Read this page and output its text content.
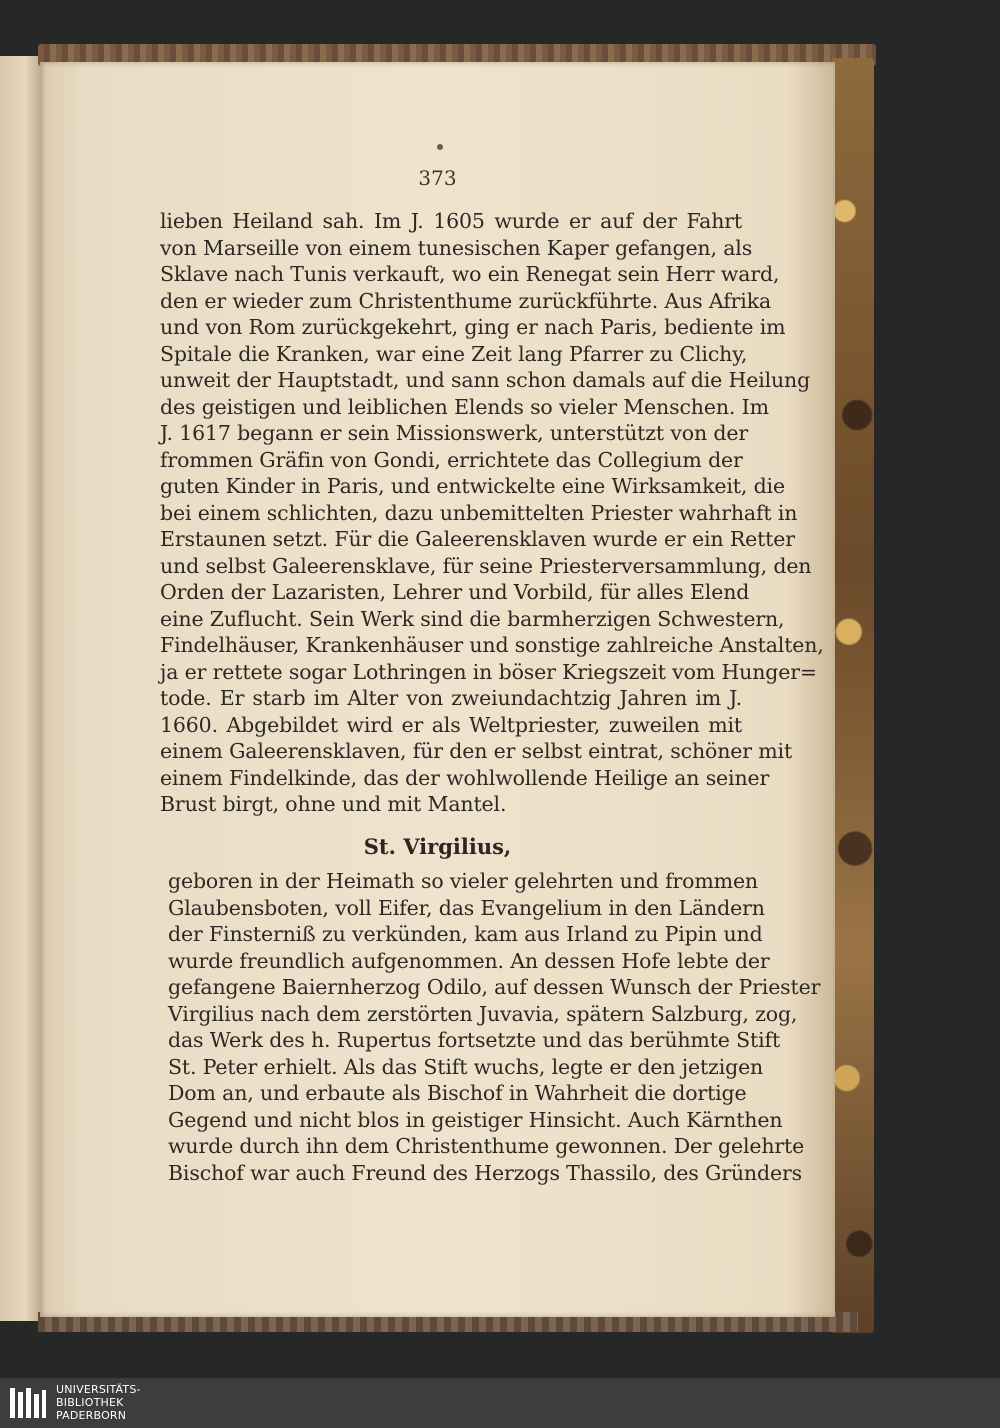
373
lieben Heiland sah. Im J. 1605 wurde er auf der Fahrt
von Marseille von einem tunesischen Kaper gefangen, als
Sklave nach Tunis verkauft, wo ein Renegat sein Herr ward,
den er wieder zum Christenthume zurückführte. Aus Afrika
und von Rom zurückgekehrt, ging er nach Paris, bediente im
Spitale die Kranken, war eine Zeit lang Pfarrer zu Clichy,
unweit der Hauptstadt, und sann schon damals auf die Heilung
des geistigen und leiblichen Elends so vieler Menschen. Im
J. 1617 begann er sein Missionswerk, unterstützt von der
frommen Gräfin von Gondi, errichtete das Collegium der
guten Kinder in Paris, und entwickelte eine Wirksamkeit, die
bei einem schlichten, dazu unbemittelten Priester wahrhaft in
Erstaunen setzt. Für die Galeerensklaven wurde er ein Retter
und selbst Galeerensklave, für seine Priesterversammlung, den
Orden der Lazaristen, Lehrer und Vorbild, für alles Elend
eine Zuflucht. Sein Werk sind die barmherzigen Schwestern,
Findelhäuser, Krankenhäuser und sonstige zahlreiche Anstalten,
ja er rettete sogar Lothringen in böser Kriegszeit vom Hunger=
tode. Er starb im Alter von zweiundachtzig Jahren im J.
1660. Abgebildet wird er als Weltpriester, zuweilen mit
einem Galeerensklaven, für den er selbst eintrat, schöner mit
einem Findelkinde, das der wohlwollende Heilige an seiner
Brust birgt, ohne und mit Mantel.
St. Virgilius,
geboren in der Heimath so vieler gelehrten und frommen
Glaubensboten, voll Eifer, das Evangelium in den Ländern
der Finsterniß zu verkünden, kam aus Irland zu Pipin und
wurde freundlich aufgenommen. An dessen Hofe lebte der
gefangene Baiernherzog Odilo, auf dessen Wunsch der Priester
Virgilius nach dem zerstörten Juvavia, spätern Salzburg, zog,
das Werk des h. Rupertus fortsetzte und das berühmte Stift
St. Peter erhielt. Als das Stift wuchs, legte er den jetzigen
Dom an, und erbaute als Bischof in Wahrheit die dortige
Gegend und nicht blos in geistiger Hinsicht. Auch Kärnthen
wurde durch ihn dem Christenthume gewonnen. Der gelehrte
Bischof war auch Freund des Herzogs Thassilo, des Gründers
UNIVERSITÄTS-
BIBLIOTHEK
PADERBORN
